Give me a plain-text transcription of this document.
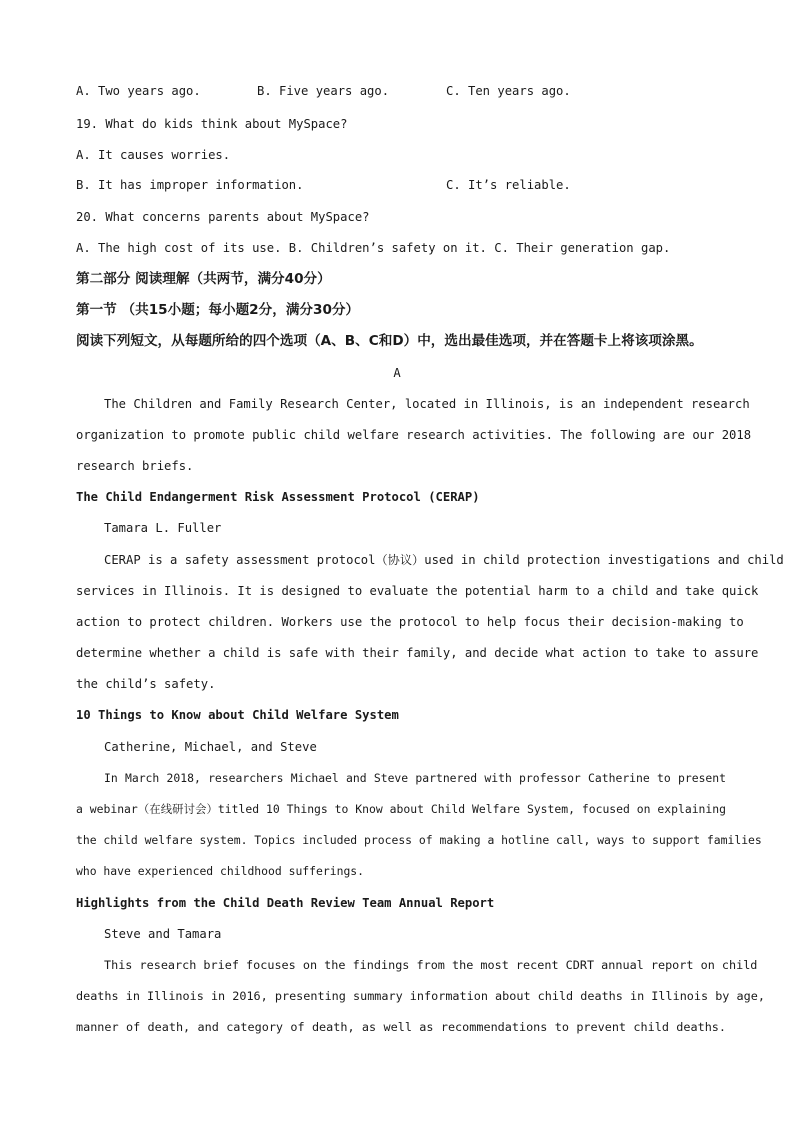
A. Two years ago.	B. Five years ago.	C. Ten years ago.
19. What do kids think about MySpace?
A. It causes worries.
B. It has improper information.	C. It’s reliable.
20. What concerns parents about MySpace?
A. The high cost of its use. B. Children’s safety on it. C. Their generation gap.
第二部分 阅读理解（共两节，满分40分）
第一节 （共15小题；每小题2分，满分30分）
阅读下列短文，从每题所给的四个选项（A、B、C和D）中，选出最佳选项，并在答题卡上将该项涂黑。
A
The Children and Family Research Center, located in Illinois, is an independent research
organization to promote public child welfare research activities. The following are our 2018
research briefs.
The Child Endangerment Risk Assessment Protocol (CERAP)
Tamara L. Fuller
CERAP is a safety assessment protocol（协议）used in child protection investigations and child
services in Illinois. It is designed to evaluate the potential harm to a child and take quick
action to protect children. Workers use the protocol to help focus their decision-making to
determine whether a child is safe with their family, and decide what action to take to assure
the child’s safety.
10 Things to Know about Child Welfare System
Catherine, Michael, and Steve
In March 2018, researchers Michael and Steve partnered with professor Catherine to present
a webinar（在线研讨会）titled 10 Things to Know about Child Welfare System, focused on explaining
the child welfare system. Topics included process of making a hotline call, ways to support families
who have experienced childhood sufferings.
Highlights from the Child Death Review Team Annual Report
Steve and Tamara
This research brief focuses on the findings from the most recent CDRT annual report on child
deaths in Illinois in 2016, presenting summary information about child deaths in Illinois by age,
manner of death, and category of death, as well as recommendations to prevent child deaths.
